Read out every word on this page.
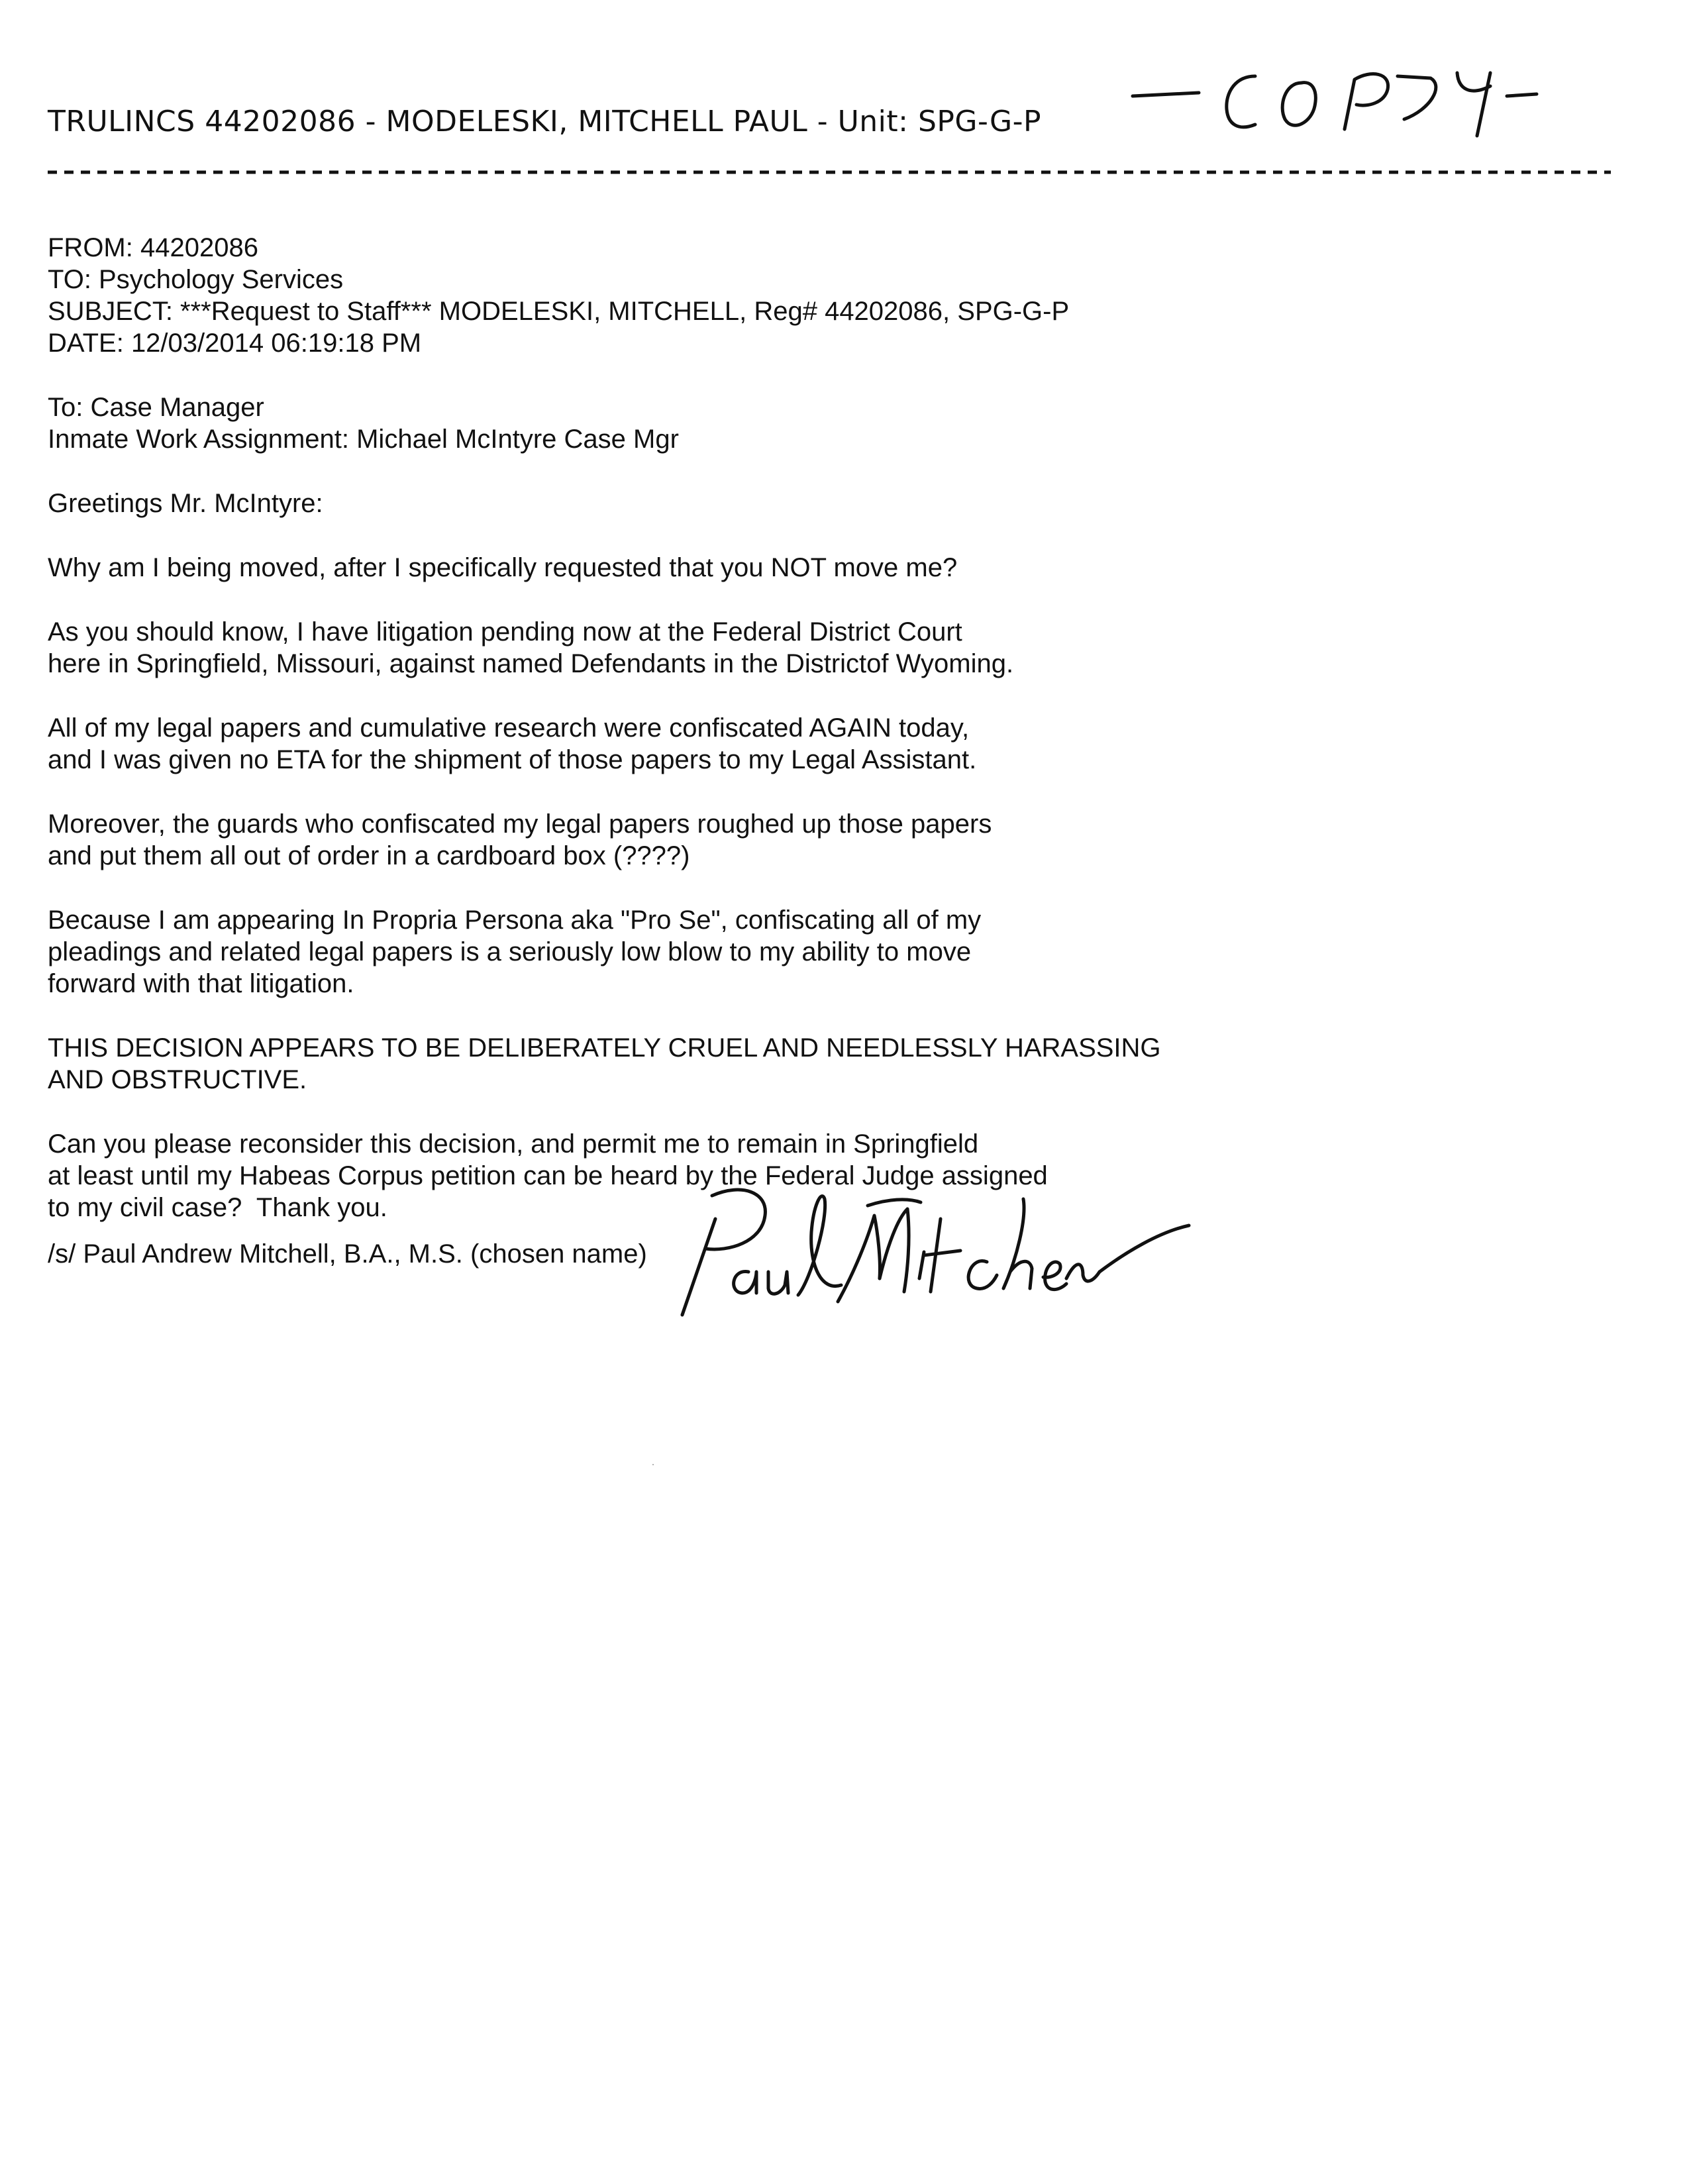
TRULINCS 44202086 - MODELESKI, MITCHELL PAUL - Unit: SPG-G-P
FROM: 44202086
TO: Psychology Services
SUBJECT: ***Request to Staff*** MODELESKI, MITCHELL, Reg# 44202086, SPG-G-P
DATE: 12/03/2014 06:19:18 PM
To: Case Manager
Inmate Work Assignment: Michael McIntyre Case Mgr
Greetings Mr. McIntyre:
Why am I being moved, after I specifically requested that you NOT move me?
As you should know, I have litigation pending now at the Federal District Court
here in Springfield, Missouri, against named Defendants in the Districtof Wyoming.
All of my legal papers and cumulative research were confiscated AGAIN today,
and I was given no ETA for the shipment of those papers to my Legal Assistant.
Moreover, the guards who confiscated my legal papers roughed up those papers
and put them all out of order in a cardboard box (????)
Because I am appearing In Propria Persona aka "Pro Se", confiscating all of my
pleadings and related legal papers is a seriously low blow to my ability to move
forward with that litigation.
THIS DECISION APPEARS TO BE DELIBERATELY CRUEL AND NEEDLESSLY HARASSING
AND OBSTRUCTIVE.
Can you please reconsider this decision, and permit me to remain in Springfield
at least until my Habeas Corpus petition can be heard by the Federal Judge assigned
to my civil case?  Thank you.
/s/ Paul Andrew Mitchell, B.A., M.S. (chosen name)
